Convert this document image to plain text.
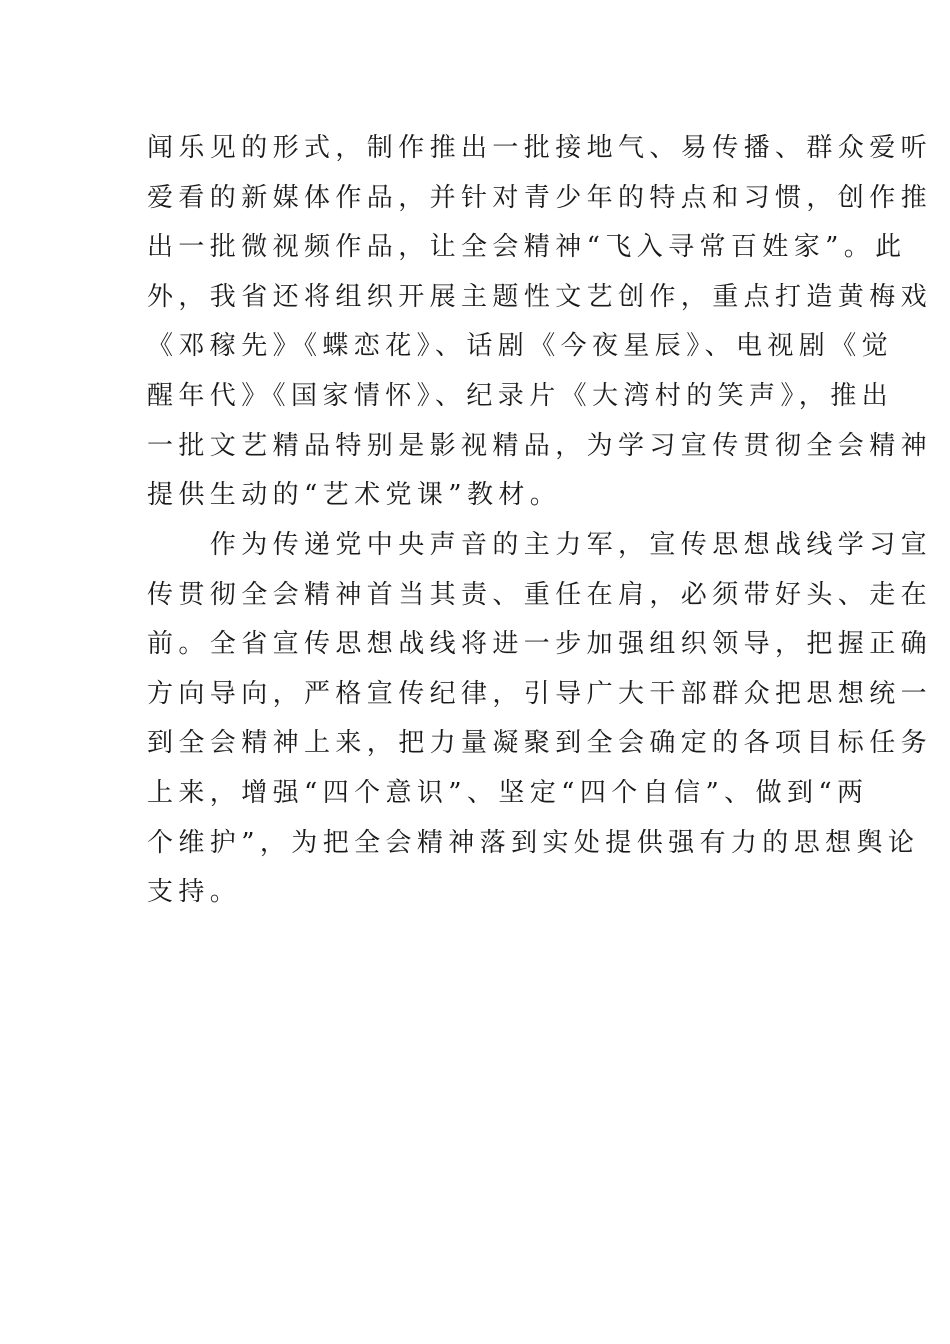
闻乐见的形式，制作推出一批接地气、易传播、群众爱听
爱看的新媒体作品，并针对青少年的特点和习惯，创作推
出一批微视频作品，让全会精神“飞入寻常百姓家”。此
外，我省还将组织开展主题性文艺创作，重点打造黄梅戏
《邓稼先》《蝶恋花》、话剧《今夜星辰》、电视剧《觉
醒年代》《国家情怀》、纪录片《大湾村的笑声》，推出
一批文艺精品特别是影视精品，为学习宣传贯彻全会精神
提供生动的“艺术党课”教材。

　　作为传递党中央声音的主力军，宣传思想战线学习宣
传贯彻全会精神首当其责、重任在肩，必须带好头、走在
前。全省宣传思想战线将进一步加强组织领导，把握正确
方向导向，严格宣传纪律，引导广大干部群众把思想统一
到全会精神上来，把力量凝聚到全会确定的各项目标任务
上来，增强“四个意识”、坚定“四个自信”、做到“两
个维护”，为把全会精神落到实处提供强有力的思想舆论
支持。
